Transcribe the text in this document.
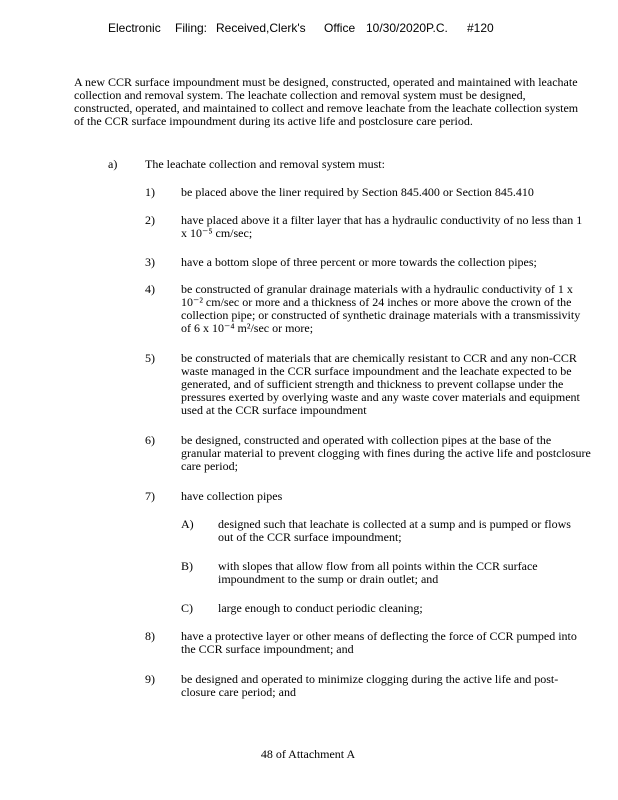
Electronic Filing: Received,Clerk's Office 10/30/2020P.C. #120
A new CCR surface impoundment must be designed, constructed, operated and maintained with leachate collection and removal system. The leachate collection and removal system must be designed, constructed, operated, and maintained to collect and remove leachate from the leachate collection system of the CCR surface impoundment during its active life and postclosure care period.
a) The leachate collection and removal system must:
1) be placed above the liner required by Section 845.400 or Section 845.410
2) have placed above it a filter layer that has a hydraulic conductivity of no less than 1 x 10⁻⁵ cm/sec;
3) have a bottom slope of three percent or more towards the collection pipes;
4) be constructed of granular drainage materials with a hydraulic conductivity of 1 x 10⁻² cm/sec or more and a thickness of 24 inches or more above the crown of the collection pipe; or constructed of synthetic drainage materials with a transmissivity of 6 x 10⁻⁴ m²/sec or more;
5) be constructed of materials that are chemically resistant to CCR and any non-CCR waste managed in the CCR surface impoundment and the leachate expected to be generated, and of sufficient strength and thickness to prevent collapse under the pressures exerted by overlying waste and any waste cover materials and equipment used at the CCR surface impoundment
6) be designed, constructed and operated with collection pipes at the base of the granular material to prevent clogging with fines during the active life and postclosure care period;
7) have collection pipes
A) designed such that leachate is collected at a sump and is pumped or flows out of the CCR surface impoundment;
B) with slopes that allow flow from all points within the CCR surface impoundment to the sump or drain outlet; and
C) large enough to conduct periodic cleaning;
8) have a protective layer or other means of deflecting the force of CCR pumped into the CCR surface impoundment; and
9) be designed and operated to minimize clogging during the active life and post-closure care period; and
48 of Attachment A
